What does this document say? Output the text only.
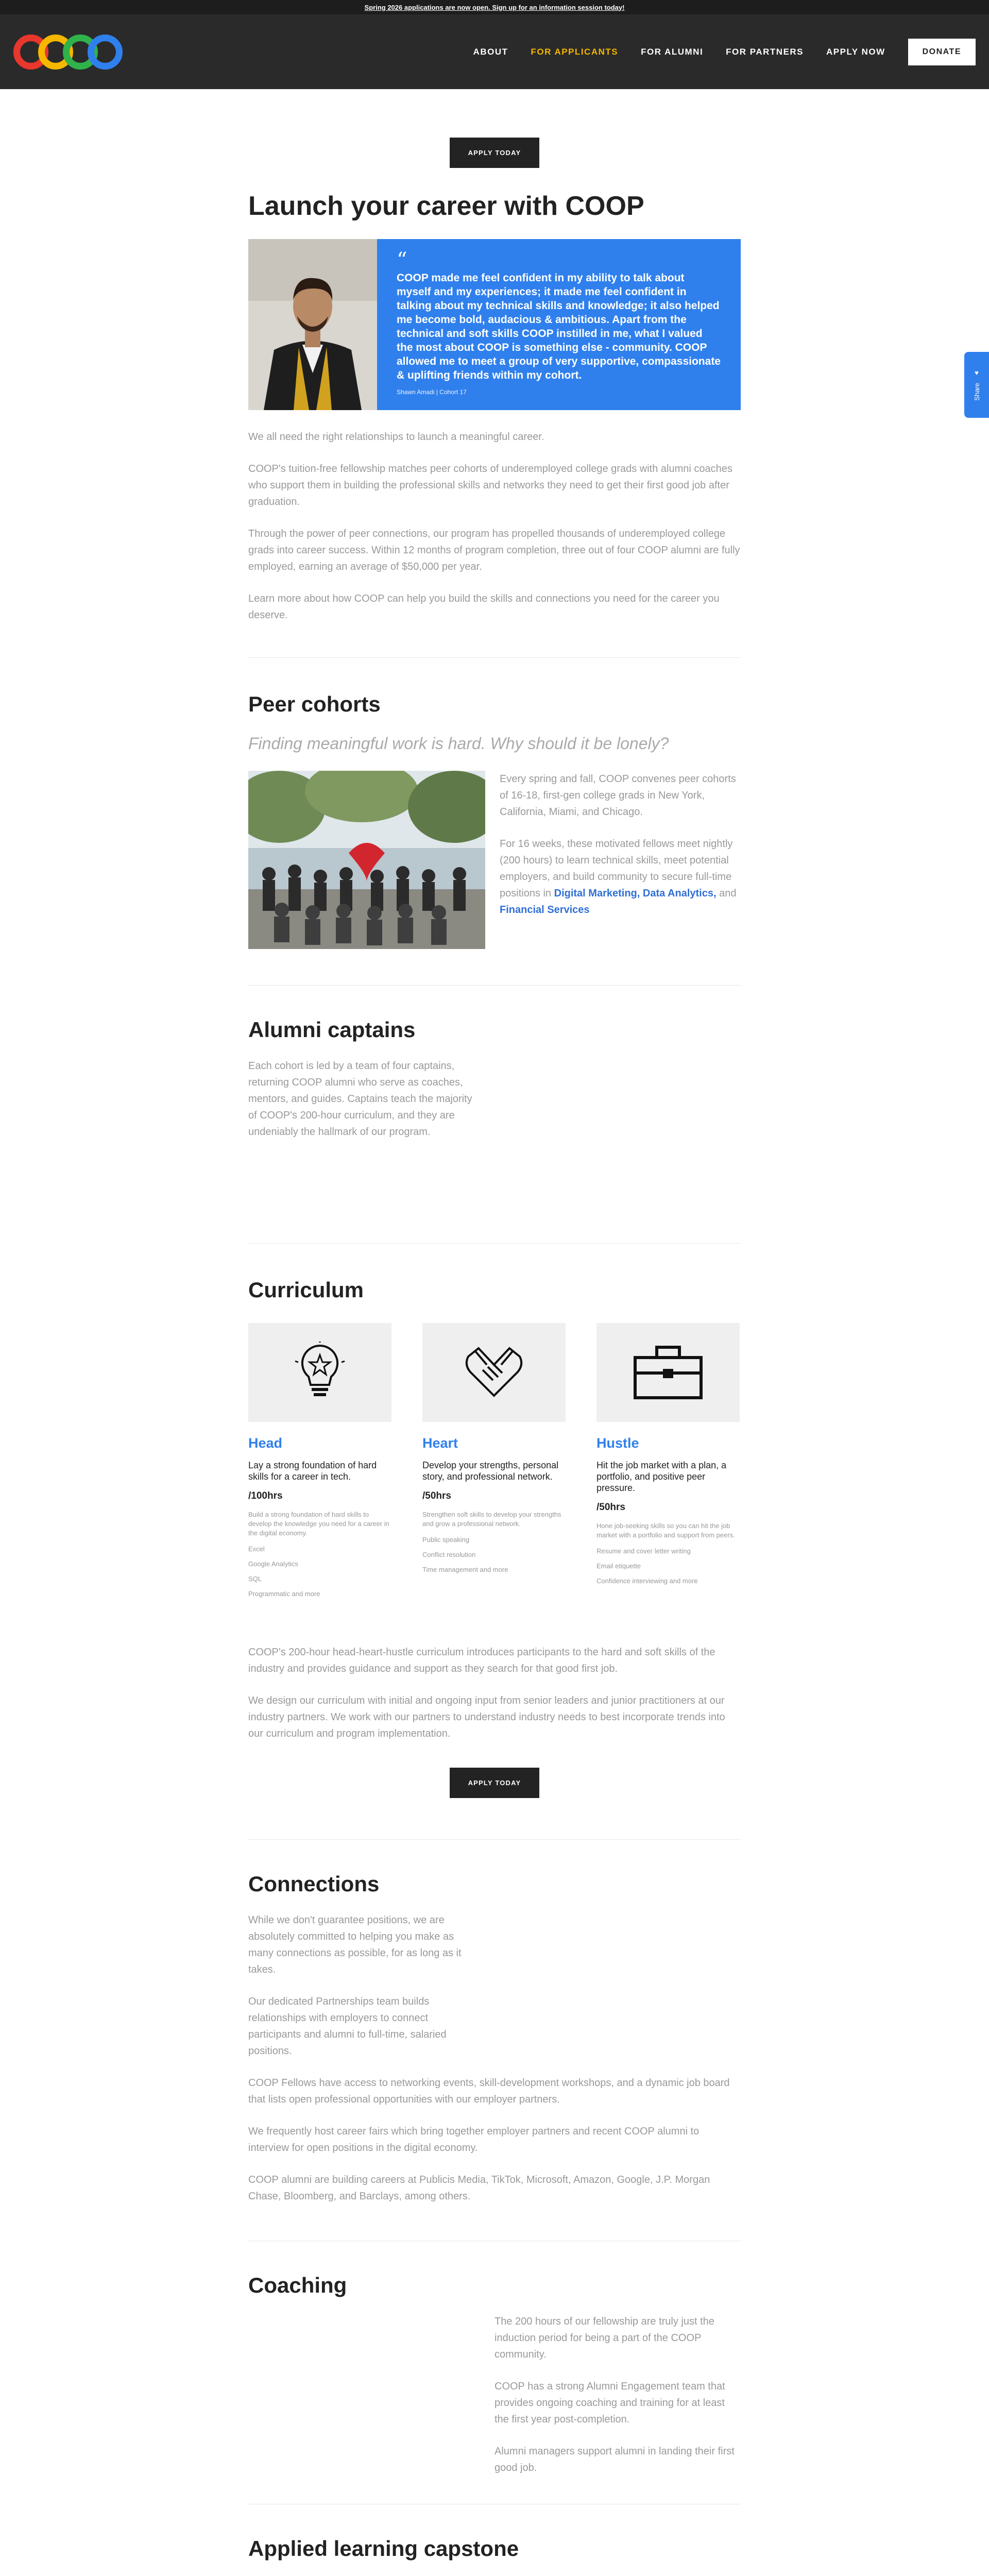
Spring 2026 applications are now open. Sign up for an information session today!
ABOUT	FOR APPLICANTS	FOR ALUMNI	FOR PARTNERS	APPLY NOW	DONATE
♥
Share
APPLY TODAY
Launch your career with COOP
“
COOP made me feel confident in my ability to talk about myself and my experiences; it made me feel confident in talking about my technical skills and knowledge; it also helped me become bold, audacious & ambitious. Apart from the technical and soft skills COOP instilled in me, what I valued the most about COOP is something else - community. COOP allowed me to meet a group of very supportive, compassionate & uplifting friends within my cohort.
Shawn Amadi | Cohort 17

We all need the right relationships to launch a meaningful career.

COOP's tuition-free fellowship matches peer cohorts of underemployed college grads with alumni coaches who support them in building the professional skills and networks they need to get their first good job after graduation.

Through the power of peer connections, our program has propelled thousands of underemployed college grads into career success. Within 12 months of program completion, three out of four COOP alumni are fully employed, earning an average of $50,000 per year.

Learn more about how COOP can help you build the skills and connections you need for the career you deserve.

Peer cohorts
Finding meaningful work is hard. Why should it be lonely?

Every spring and fall, COOP convenes peer cohorts of 16-18, first-gen college grads in New York, California, Miami, and Chicago.

For 16 weeks, these motivated fellows meet nightly (200 hours) to learn technical skills, meet potential employers, and build community to secure full-time positions in Digital Marketing, Data Analytics, and Financial Services

Alumni captains

Each cohort is led by a team of four captains, returning COOP alumni who serve as coaches, mentors, and guides. Captains teach the majority of COOP's 200-hour curriculum, and they are undeniably the hallmark of our program.

Curriculum
Head
Lay a strong foundation of hard skills for a career in tech.
/100hrs
Build a strong foundation of hard skills to develop the knowledge you need for a career in the digital economy.
Excel
Google Analytics
SQL
Programmatic and more
Heart
Develop your strengths, personal story, and professional network.
/50hrs
Strengthen soft skills to develop your strengths and grow a professional network.
Public speaking
Conflict resolution
Time management and more
Hustle
Hit the job market with a plan, a portfolio, and positive peer pressure.
/50hrs
Hone job-seeking skills so you can hit the job market with a portfolio and support from peers.
Resume and cover letter writing
Email etiquette
Confidence interviewing and more

COOP's 200-hour head-heart-hustle curriculum introduces participants to the hard and soft skills of the industry and provides guidance and support as they search for that good first job.

We design our curriculum with initial and ongoing input from senior leaders and junior practitioners at our industry partners. We work with our partners to understand industry needs to best incorporate trends into our curriculum and program implementation.

APPLY TODAY
Connections

While we don't guarantee positions, we are absolutely committed to helping you make as many connections as possible, for as long as it takes.

Our dedicated Partnerships team builds relationships with employers to connect participants and alumni to full-time, salaried positions.

COOP Fellows have access to networking events, skill-development workshops, and a dynamic job board that lists open professional opportunities with our employer partners.

We frequently host career fairs which bring together employer partners and recent COOP alumni to interview for open positions in the digital economy.

COOP alumni are building careers at Publicis Media, TikTok, Microsoft, Amazon, Google, J.P. Morgan Chase, Bloomberg, and Barclays, among others.

Coaching

The 200 hours of our fellowship are truly just the induction period for being a part of the COOP community.

COOP has a strong Alumni Engagement team that provides ongoing coaching and training for at least the first year post-completion.

Alumni managers support alumni in landing their first good job.

Applied learning capstone
